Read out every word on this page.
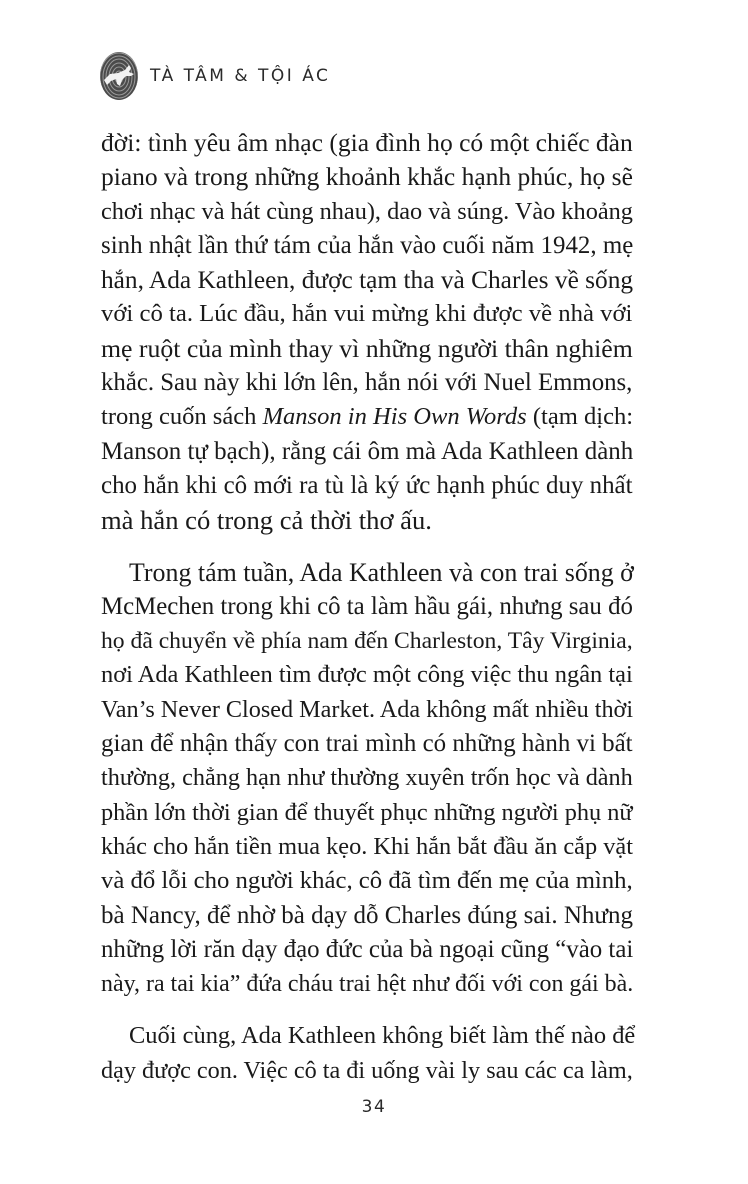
TÀ TÂM & TỘI ÁC

đời: tình yêu âm nhạc (gia đình họ có một chiếc đàn
piano và trong những khoảnh khắc hạnh phúc, họ sẽ
chơi nhạc và hát cùng nhau), dao và súng. Vào khoảng
sinh nhật lần thứ tám của hắn vào cuối năm 1942, mẹ
hắn, Ada Kathleen, được tạm tha và Charles về sống
với cô ta. Lúc đầu, hắn vui mừng khi được về nhà với
mẹ ruột của mình thay vì những người thân nghiêm
khắc. Sau này khi lớn lên, hắn nói với Nuel Emmons,
trong cuốn sách Manson in His Own Words (tạm dịch:
Manson tự bạch), rằng cái ôm mà Ada Kathleen dành
cho hắn khi cô mới ra tù là ký ức hạnh phúc duy nhất
mà hắn có trong cả thời thơ ấu.

Trong tám tuần, Ada Kathleen và con trai sống ở
McMechen trong khi cô ta làm hầu gái, nhưng sau đó
họ đã chuyển về phía nam đến Charleston, Tây Virginia,
nơi Ada Kathleen tìm được một công việc thu ngân tại
Van’s Never Closed Market. Ada không mất nhiều thời
gian để nhận thấy con trai mình có những hành vi bất
thường, chẳng hạn như thường xuyên trốn học và dành
phần lớn thời gian để thuyết phục những người phụ nữ
khác cho hắn tiền mua kẹo. Khi hắn bắt đầu ăn cắp vặt
và đổ lỗi cho người khác, cô đã tìm đến mẹ của mình,
bà Nancy, để nhờ bà dạy dỗ Charles đúng sai. Nhưng
những lời răn dạy đạo đức của bà ngoại cũng “vào tai
này, ra tai kia” đứa cháu trai hệt như đối với con gái bà.

Cuối cùng, Ada Kathleen không biết làm thế nào để
dạy được con. Việc cô ta đi uống vài ly sau các ca làm,

34
